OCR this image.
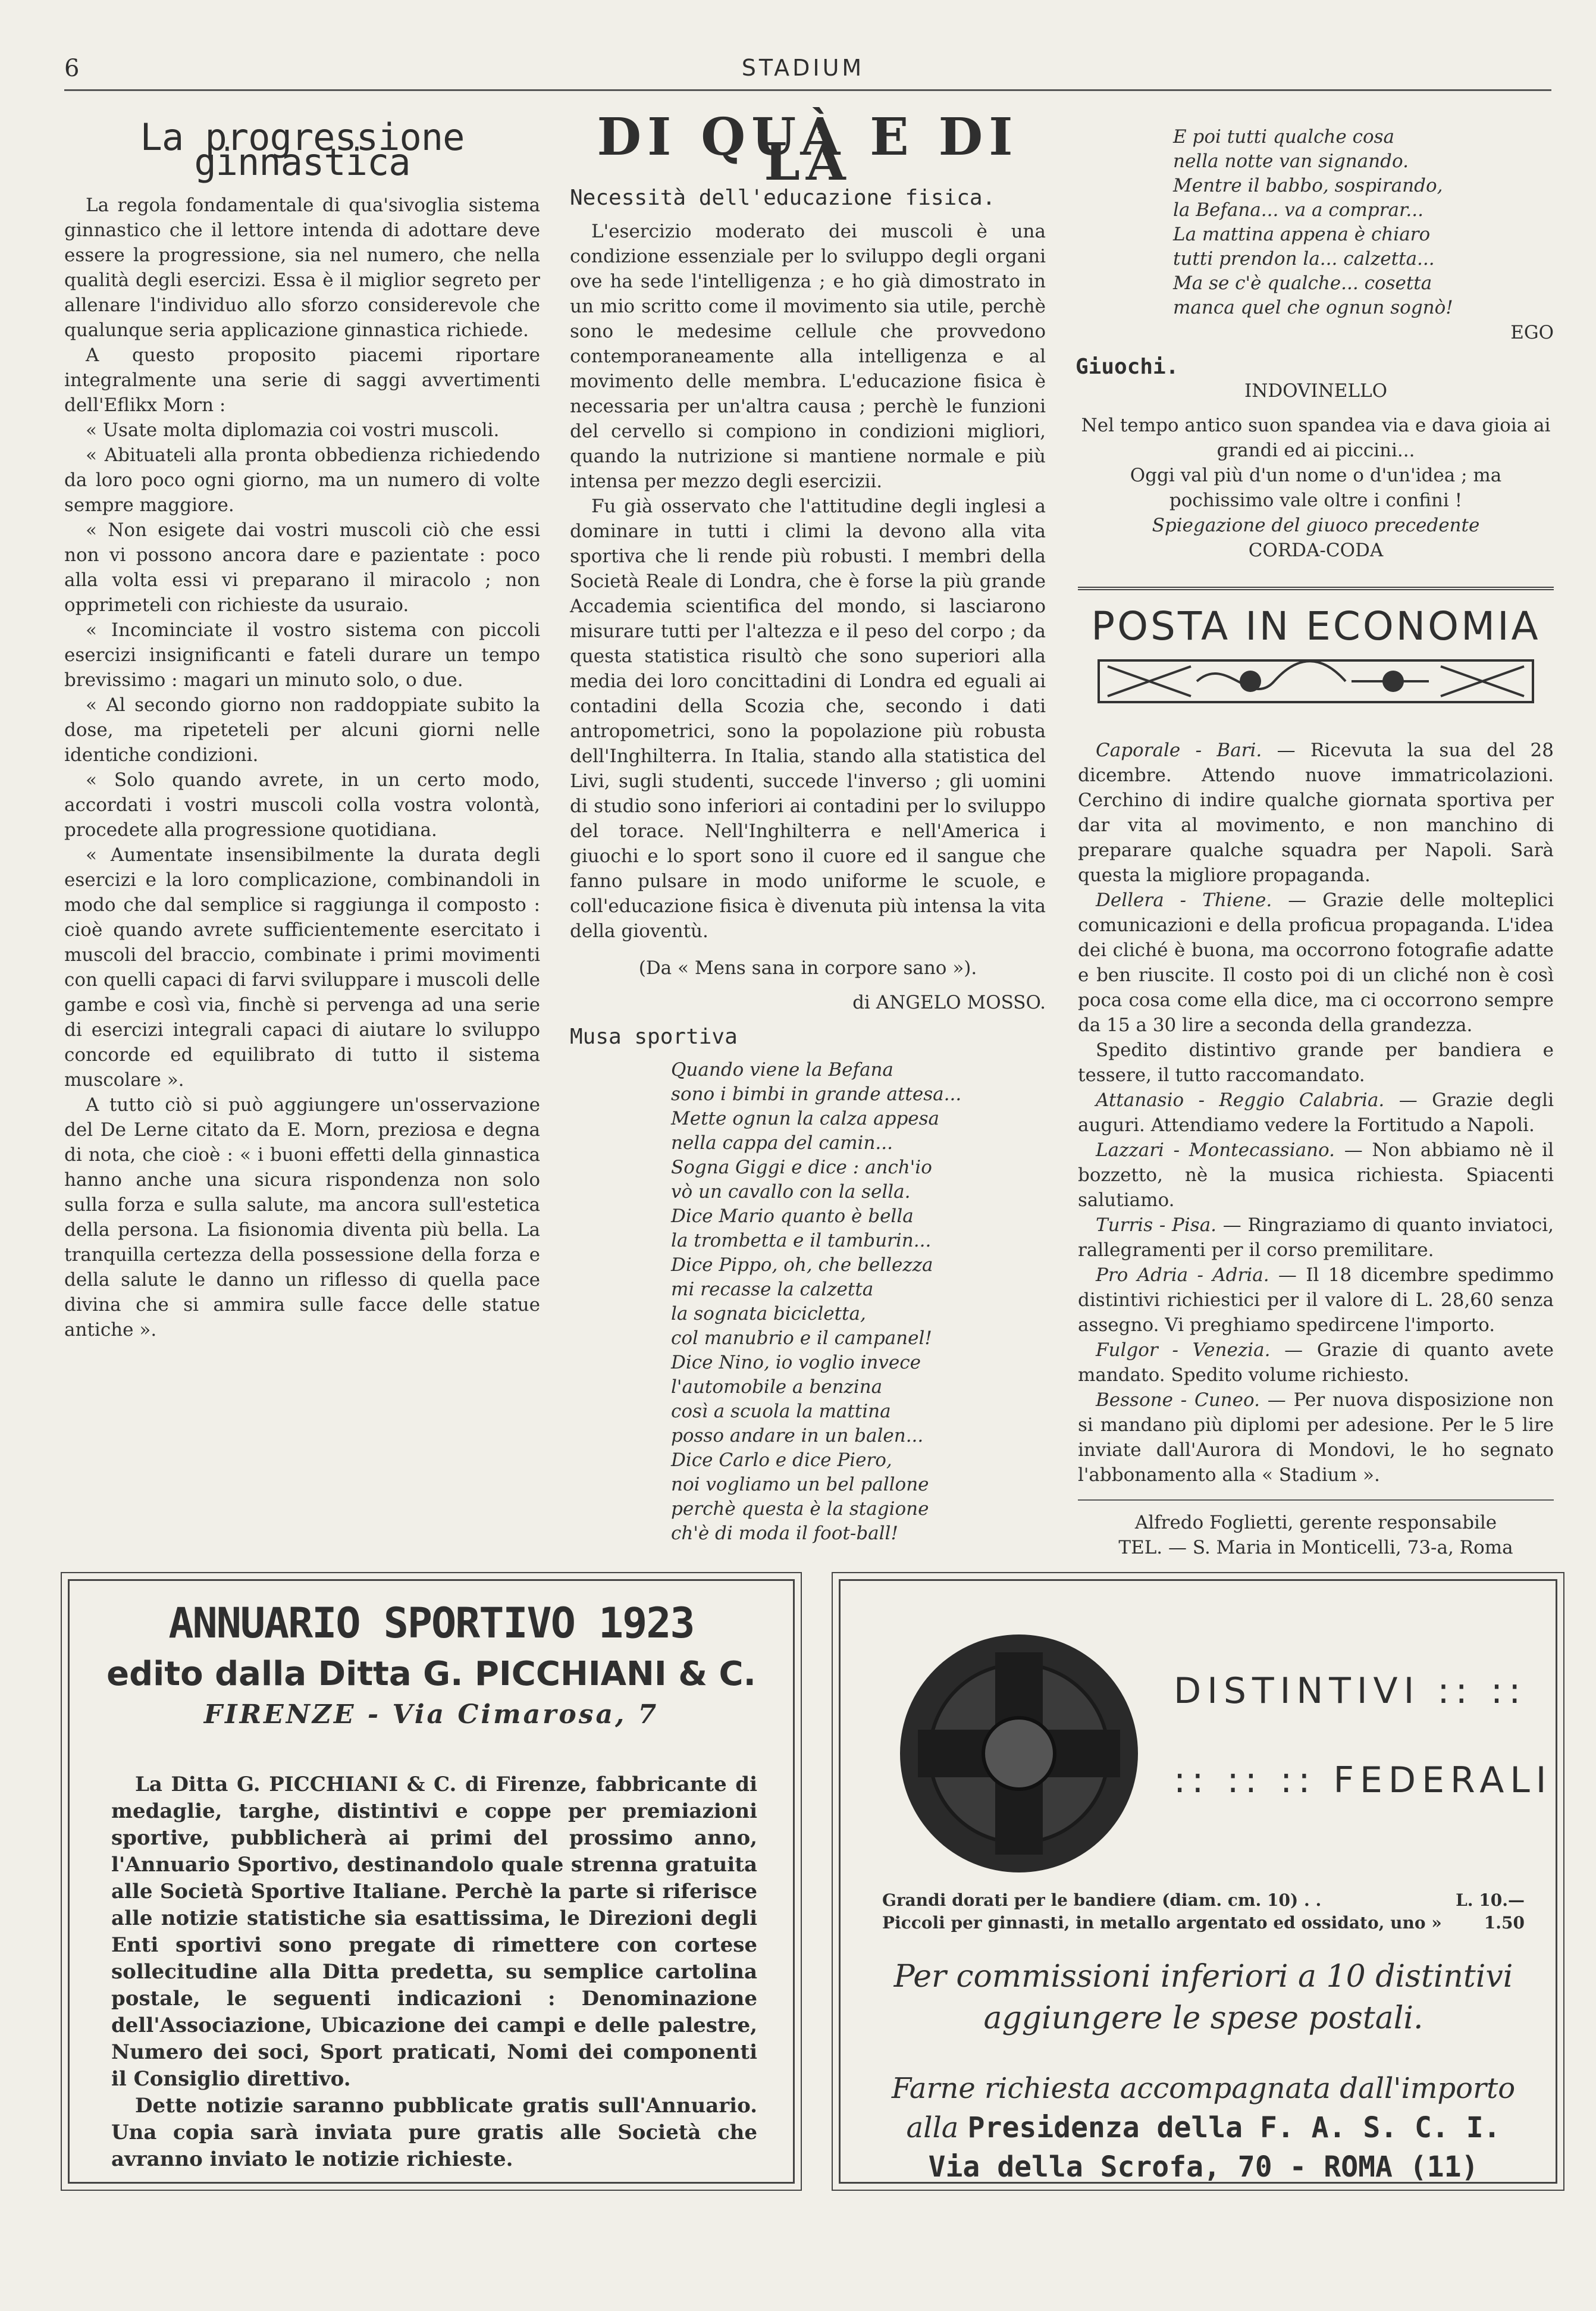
6	STADIUM
La progressione ginnastica

La regola fondamentale di qua'sivoglia sistema ginnastico che il lettore intenda di adottare deve essere la progressione, sia nel numero, che nella qualità degli esercizi. Essa è il miglior segreto per allenare l'individuo allo sforzo considerevole che qualunque seria applicazione ginnastica richiede.

A questo proposito piacemi riportare integralmente una serie di saggi avvertimenti dell'Eflikx Morn :

« Usate molta diplomazia coi vostri muscoli.

« Abituateli alla pronta obbedienza richiedendo da loro poco ogni giorno, ma un numero di volte sempre maggiore.

« Non esigete dai vostri muscoli ciò che essi non vi possono ancora dare e pazientate : poco alla volta essi vi preparano il miracolo ; non opprimeteli con richieste da usuraio.

« Incominciate il vostro sistema con piccoli esercizi insignificanti e fateli durare un tempo brevissimo : magari un minuto solo, o due.

« Al secondo giorno non raddoppiate subito la dose, ma ripeteteli per alcuni giorni nelle identiche condizioni.

« Solo quando avrete, in un certo modo, accordati i vostri muscoli colla vostra volontà, procedete alla progressione quotidiana.

« Aumentate insensibilmente la durata degli esercizi e la loro complicazione, combinandoli in modo che dal semplice si raggiunga il composto : cioè quando avrete sufficientemente esercitato i muscoli del braccio, combinate i primi movimenti con quelli capaci di farvi sviluppare i muscoli delle gambe e così via, finchè si pervenga ad una serie di esercizi integrali capaci di aiutare lo sviluppo concorde ed equilibrato di tutto il sistema muscolare ».

A tutto ciò si può aggiungere un'osservazione del De Lerne citato da E. Morn, preziosa e degna di nota, che cioè : « i buoni effetti della ginnastica hanno anche una sicura rispondenza non solo sulla forza e sulla salute, ma ancora sull'estetica della persona. La fisionomia diventa più bella. La tranquilla certezza della possessione della forza e della salute le danno un riflesso di quella pace divina che si ammira sulle facce delle statue antiche ».

DI QUÀ E DI LÀ
Necessità dell'educazione fisica.

L'esercizio moderato dei muscoli è una condizione essenziale per lo sviluppo degli organi ove ha sede l'intelligenza ; e ho già dimostrato in un mio scritto come il movimento sia utile, perchè sono le medesime cellule che provvedono contemporaneamente alla intelligenza e al movimento delle membra. L'educazione fisica è necessaria per un'altra causa ; perchè le funzioni del cervello si compiono in condizioni migliori, quando la nutrizione si mantiene normale e più intensa per mezzo degli esercizii.

Fu già osservato che l'attitudine degli inglesi a dominare in tutti i climi la devono alla vita sportiva che li rende più robusti. I membri della Società Reale di Londra, che è forse la più grande Accademia scientifica del mondo, si lasciarono misurare tutti per l'altezza e il peso del corpo ; da questa statistica risultò che sono superiori alla media dei loro concittadini di Londra ed eguali ai contadini della Scozia che, secondo i dati antropometrici, sono la popolazione più robusta dell'Inghilterra. In Italia, stando alla statistica del Livi, sugli studenti, succede l'inverso ; gli uomini di studio sono inferiori ai contadini per lo sviluppo del torace. Nell'Inghilterra e nell'America i giuochi e lo sport sono il cuore ed il sangue che fanno pulsare in modo uniforme le scuole, e coll'educazione fisica è divenuta più intensa la vita della gioventù.

(Da « Mens sana in corpore sano »).
di ANGELO MOSSO.
Musa sportiva
Quando viene la Befana
sono i bimbi in grande attesa...
Mette ognun la calza appesa
nella cappa del camin...
Sogna Giggi e dice : anch'io
vò un cavallo con la sella.
Dice Mario quanto è bella
la trombetta e il tamburin...
Dice Pippo, oh, che bellezza
mi recasse la calzetta
la sognata bicicletta,
col manubrio e il campanel!
Dice Nino, io voglio invece
l'automobile a benzina
così a scuola la mattina
posso andare in un balen...
Dice Carlo e dice Piero,
noi vogliamo un bel pallone
perchè questa è la stagione
ch'è di moda il foot-ball!
E poi tutti qualche cosa
nella notte van signando.
Mentre il babbo, sospirando,
la Befana... va a comprar...
La mattina appena è chiaro
tutti prendon la... calzetta...
Ma se c'è qualche... cosetta
manca quel che ognun sognò!
EGO
INDOVINELLO

Nel tempo antico suon spandea via e dava gioia ai grandi ed ai piccini...

Oggi val più d'un nome o d'un'idea ; ma pochissimo vale oltre i confini !

Spiegazione del giuoco precedente
CORDA-CODA
POSTA IN ECONOMIA

Caporale - Bari. — Ricevuta la sua del 28 dicembre. Attendo nuove immatricolazioni. Cerchino di indire qualche giornata sportiva per dar vita al movimento, e non manchino di preparare qualche squadra per Napoli. Sarà questa la migliore propaganda.

Dellera - Thiene. — Grazie delle molteplici comunicazioni e della proficua propaganda. L'idea dei cliché è buona, ma occorrono fotografie adatte e ben riuscite. Il costo poi di un cliché non è così poca cosa come ella dice, ma ci occorrono sempre da 15 a 30 lire a seconda della grandezza.

Spedito distintivo grande per bandiera e tessere, il tutto raccomandato.

Attanasio - Reggio Calabria. — Grazie degli auguri. Attendiamo vedere la Fortitudo a Napoli.

Lazzari - Montecassiano. — Non abbiamo nè il bozzetto, nè la musica richiesta. Spiacenti salutiamo.

Turris - Pisa. — Ringraziamo di quanto inviatoci, rallegramenti per il corso premilitare.

Pro Adria - Adria. — Il 18 dicembre spedimmo distintivi richiestici per il valore di L. 28,60 senza assegno. Vi preghiamo spedircene l'importo.

Fulgor - Venezia. — Grazie di quanto avete mandato. Spedito volume richiesto.

Bessone - Cuneo. — Per nuova disposizione non si mandano più diplomi per adesione. Per le 5 lire inviate dall'Aurora di Mondovi, le ho segnato l'abbonamento alla « Stadium ».

Alfredo Foglietti, gerente responsabile
TEL. — S. Maria in Monticelli, 73-a, Roma
Giuochi.
ANNUARIO SPORTIVO 1923
edito dalla Ditta G. PICCHIANI & C.
FIRENZE - Via Cimarosa, 7

La Ditta G. PICCHIANI & C. di Firenze, fabbricante di medaglie, targhe, distintivi e coppe per premiazioni sportive, pubblicherà ai primi del prossimo anno, l'Annuario Sportivo, destinandolo quale strenna gratuita alle Società Sportive Italiane. Perchè la parte si riferisce alle notizie statistiche sia esattissima, le Direzioni degli Enti sportivi sono pregate di rimettere con cortese sollecitudine alla Ditta predetta, su semplice cartolina postale, le seguenti indicazioni : Denominazione dell'Associazione, Ubicazione dei campi e delle palestre, Numero dei soci, Sport praticati, Nomi dei componenti il Consiglio direttivo.

Dette notizie saranno pubblicate gratis sull'Annuario. Una copia sarà inviata pure gratis alle Società che avranno inviato le notizie richieste.

DISTINTIVI :: ::
:: :: :: FEDERALI
Grandi dorati per le bandiere (diam. cm. 10) . .	L. 10.—
Piccoli per ginnasti, in metallo argentato ed ossidato, uno »	1.50
Per commissioni inferiori a 10 distintivi aggiungere le spese postali.
Farne richiesta accompagnata dall'importo alla Presidenza della F. A. S. C. I.
Via della Scrofa, 70 - ROMA (11)
